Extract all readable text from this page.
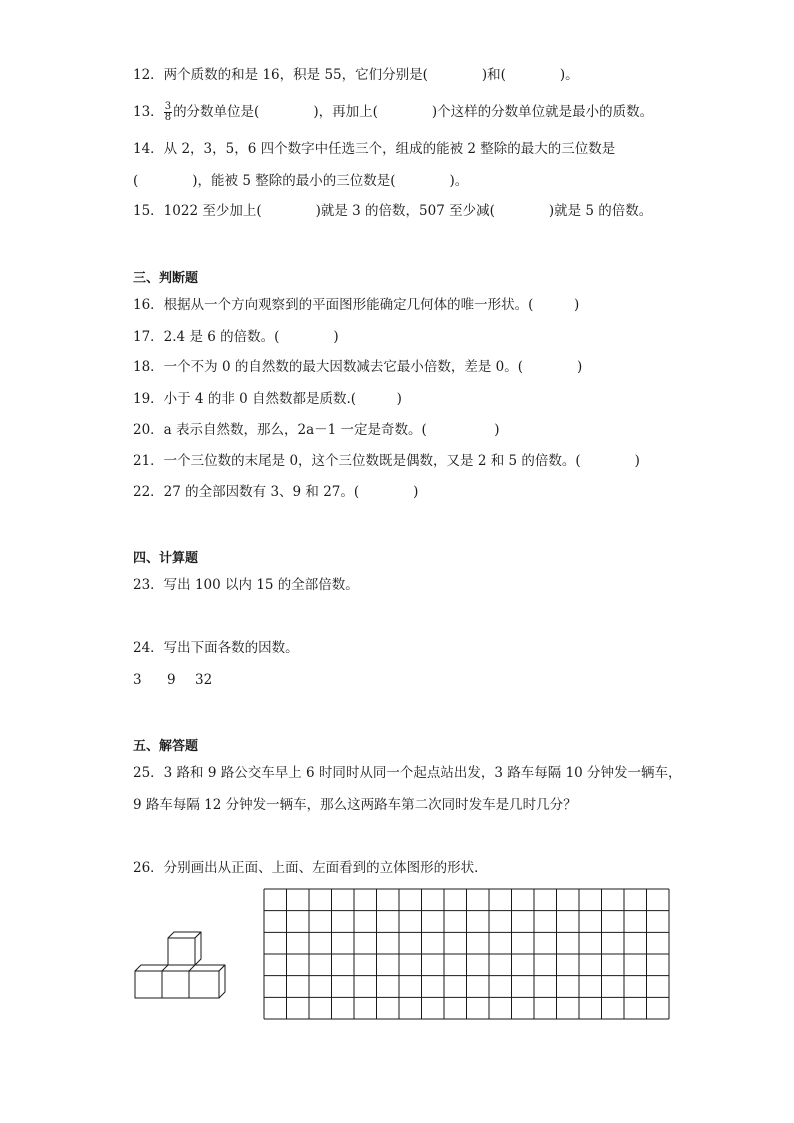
12．两个质数的和是 16，积是 55，它们分别是(　　　　)和(　　　　)。
13． $\frac{3}{8}$ 的分数单位是(　　　　)，再加上(　　　　)个这样的分数单位就是最小的质数。
14．从 2，3，5，6 四个数字中任选三个，组成的能被 2 整除的最大的三位数是
(　　　　)，能被 5 整除的最小的三位数是(　　　　)。
15．1022 至少加上(　　　　)就是 3 的倍数，507 至少减(　　　　)就是 5 的倍数。
三、判断题
16．根据从一个方向观察到的平面图形能确定几何体的唯一形状。(　　　)
17．2.4 是 6 的倍数。(　　　　)
18．一个不为 0 的自然数的最大因数减去它最小倍数，差是 0。(　　　　)
19．小于 4 的非 0 自然数都是质数.(　　　)
20．a 表示自然数，那么，2a－1 一定是奇数。(　　　　　)
21．一个三位数的末尾是 0，这个三位数既是偶数，又是 2 和 5 的倍数。(　　　　)
22．27 的全部因数有 3、9 和 27。(　　　　)
四、计算题
23．写出 100 以内 15 的全部倍数。
24．写出下面各数的因数。
3 9 32
五、解答题
25．3 路和 9 路公交车早上 6 时同时从同一个起点站出发，3 路车每隔 10 分钟发一辆车，
9 路车每隔 12 分钟发一辆车，那么这两路车第二次同时发车是几时几分？
26．分别画出从正面、上面、左面看到的立体图形的形状．
